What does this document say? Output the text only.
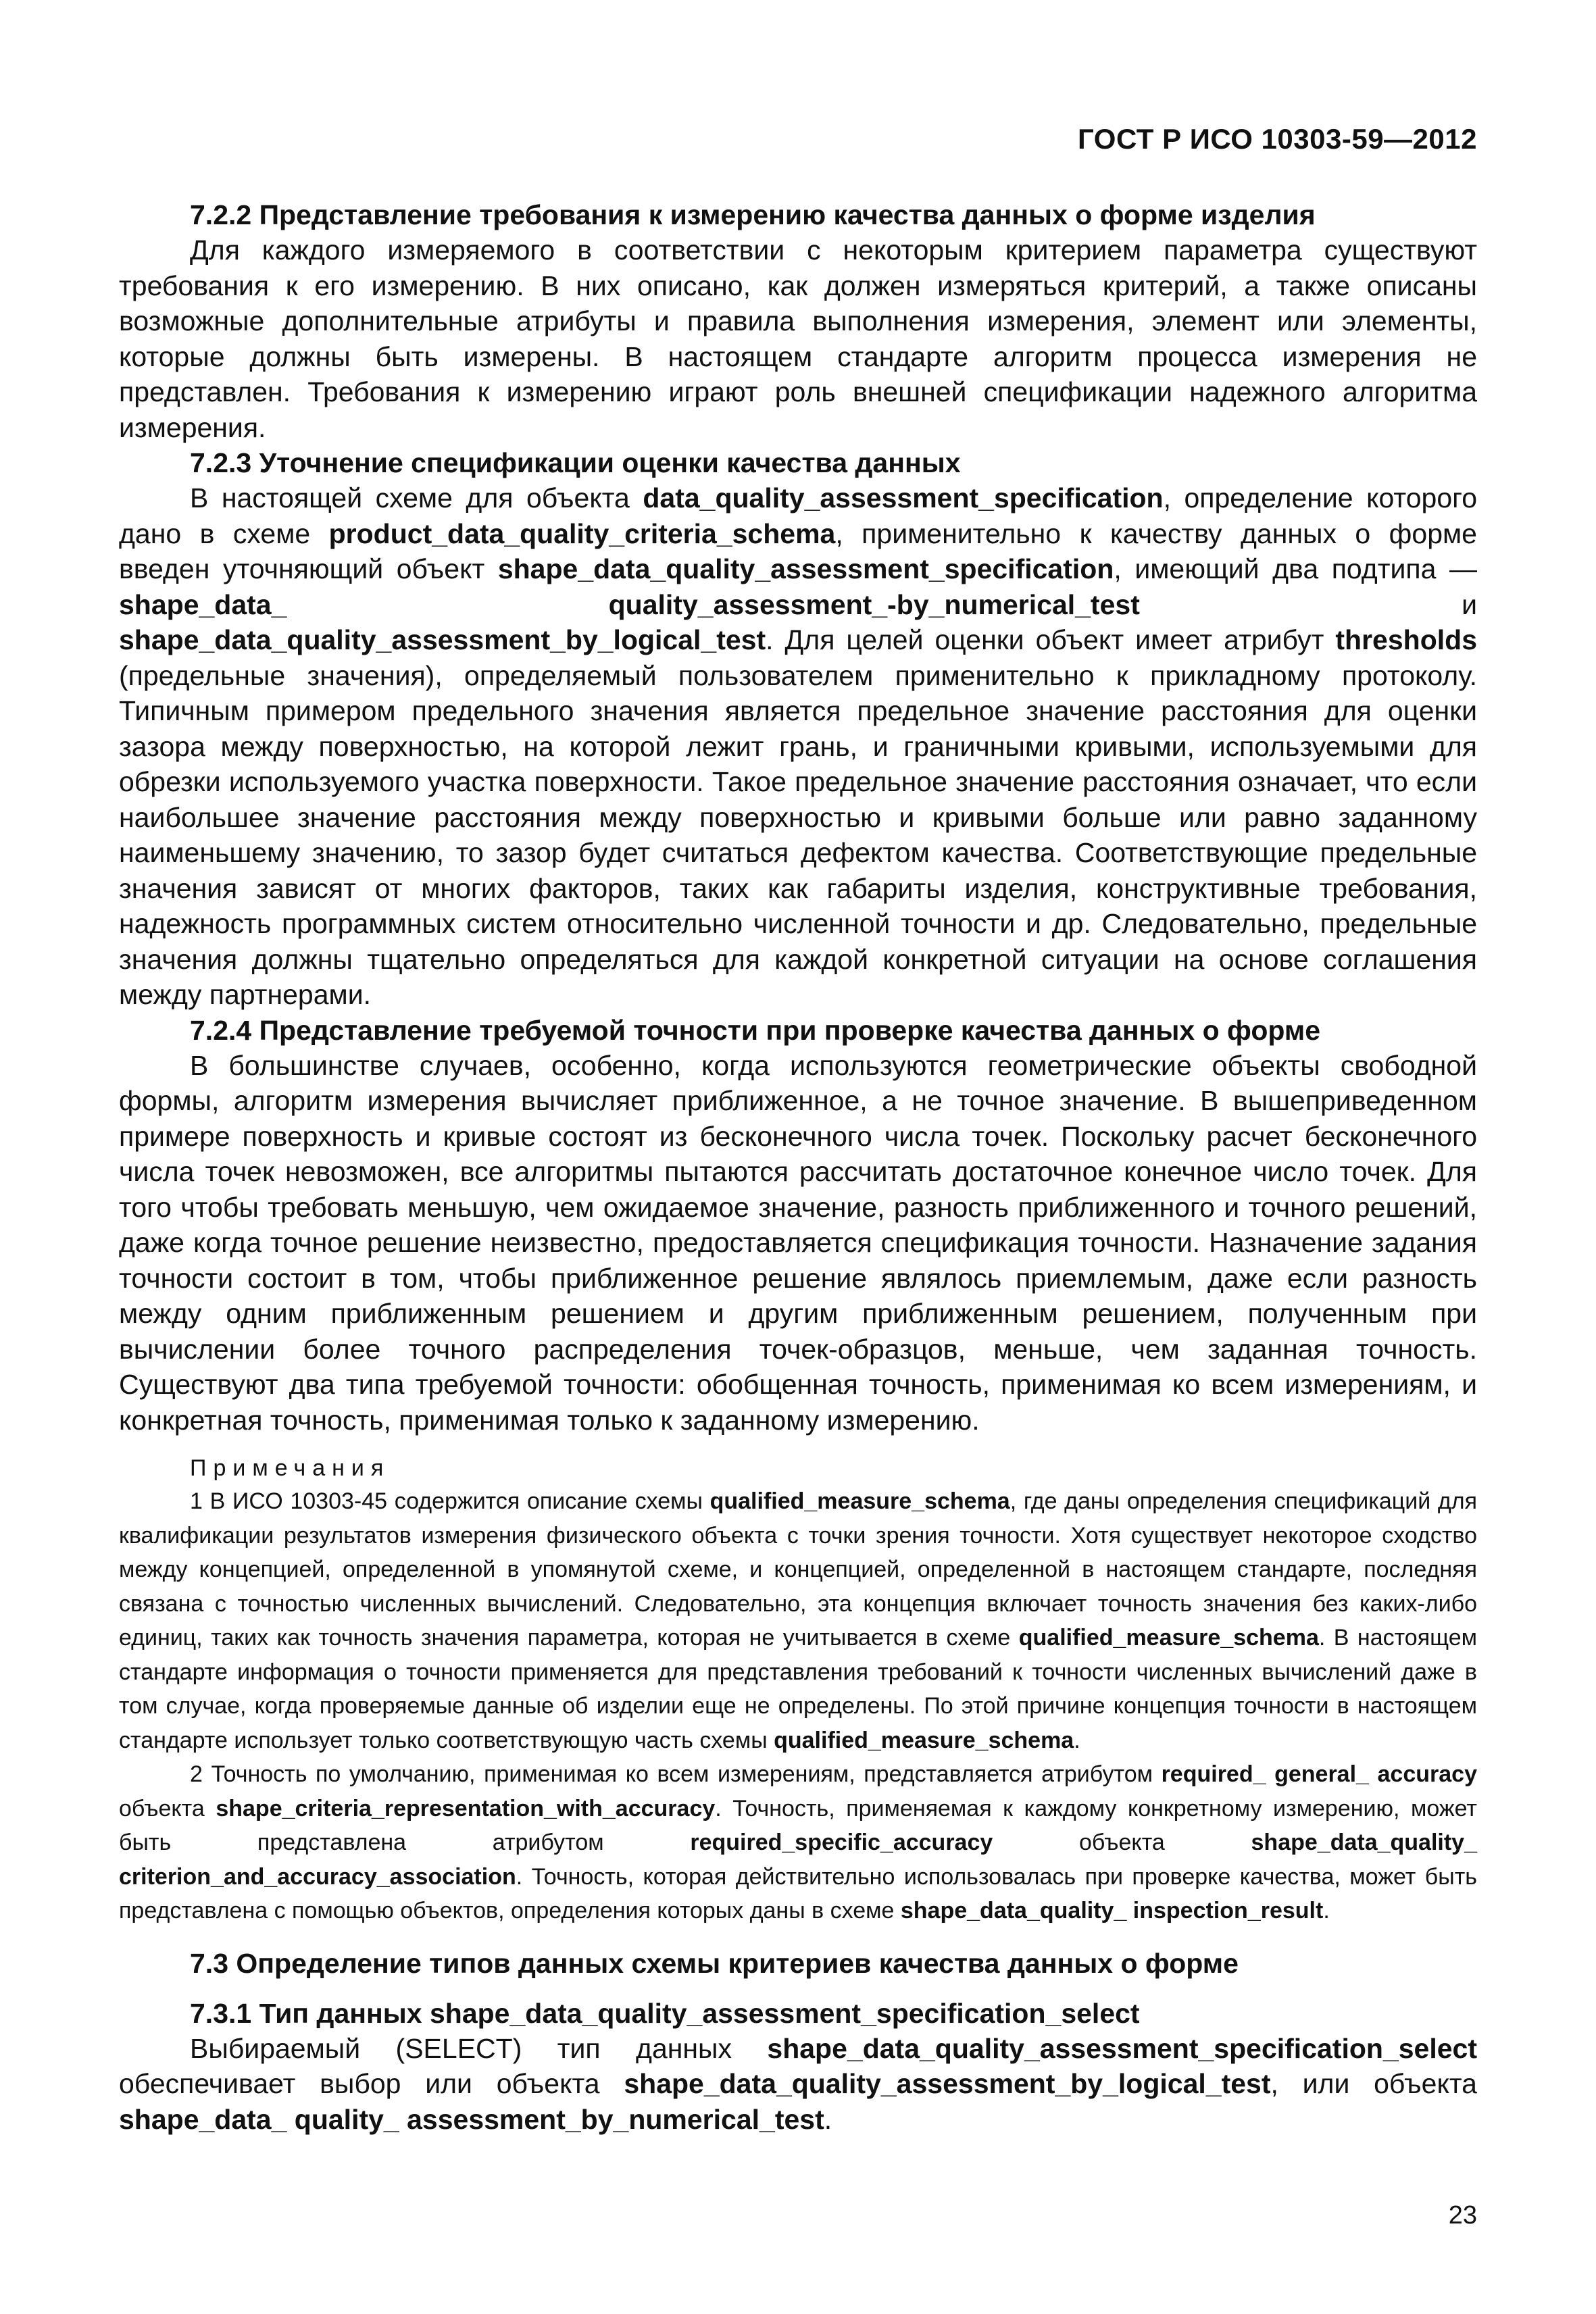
ГОСТ Р ИСО 10303-59—2012

7.2.2 Представление требования к измерению качества данных о форме изделия

Для каждого измеряемого в соответствии с некоторым критерием параметра существуют требования к его измерению. В них описано, как должен измеряться критерий, а также описаны возможные дополнительные атрибуты и правила выполнения измерения, элемент или элементы, которые должны быть измерены. В настоящем стандарте алгоритм процесса измерения не представлен. Требования к измерению играют роль внешней спецификации надежного алгоритма измерения.

7.2.3 Уточнение спецификации оценки качества данных

В настоящей схеме для объекта data_quality_assessment_specification, определение которого дано в схеме product_data_quality_criteria_schema, применительно к качеству данных о форме введен уточняющий объект shape_data_quality_assessment_specification, имеющий два подтипа — shape_data_ quality_assessment_-by_numerical_test и shape_data_quality_assessment_by_logical_test. Для целей оценки объект имеет атрибут thresholds (предельные значения), определяемый пользователем применительно к прикладному протоколу. Типичным примером предельного значения является предельное значение расстояния для оценки зазора между поверхностью, на которой лежит грань, и граничными кривыми, используемыми для обрезки используемого участка поверхности. Такое предельное значение расстояния означает, что если наибольшее значение расстояния между поверхностью и кривыми больше или равно заданному наименьшему значению, то зазор будет считаться дефектом качества. Соответствующие предельные значения зависят от многих факторов, таких как габариты изделия, конструктивные требования, надежность программных систем относительно численной точности и др. Следовательно, предельные значения должны тщательно определяться для каждой конкретной ситуации на основе соглашения между партнерами.

7.2.4 Представление требуемой точности при проверке качества данных о форме

В большинстве случаев, особенно, когда используются геометрические объекты свободной формы, алгоритм измерения вычисляет приближенное, а не точное значение. В вышеприведенном примере поверхность и кривые состоят из бесконечного числа точек. Поскольку расчет бесконечного числа точек невозможен, все алгоритмы пытаются рассчитать достаточное конечное число точек. Для того чтобы требовать меньшую, чем ожидаемое значение, разность приближенного и точного решений, даже когда точное решение неизвестно, предоставляется спецификация точности. Назначение задания точности состоит в том, чтобы приближенное решение являлось приемлемым, даже если разность между одним приближенным решением и другим приближенным решением, полученным при вычислении более точного распределения точек-образцов, меньше, чем заданная точность. Существуют два типа требуемой точности: обобщенная точность, применимая ко всем измерениям, и конкретная точность, применимая только к заданному измерению.

Примечания

1 В ИСО 10303-45 содержится описание схемы qualified_measure_schema, где даны определения спецификаций для квалификации результатов измерения физического объекта с точки зрения точности. Хотя существует некоторое сходство между концепцией, определенной в упомянутой схеме, и концепцией, определенной в настоящем стандарте, последняя связана с точностью численных вычислений. Следовательно, эта концепция включает точность значения без каких-либо единиц, таких как точность значения параметра, которая не учитывается в схеме qualified_measure_schema. В настоящем стандарте информация о точности применяется для представления требований к точности численных вычислений даже в том случае, когда проверяемые данные об изделии еще не определены. По этой причине концепция точности в настоящем стандарте использует только соответствующую часть схемы qualified_measure_schema.

2 Точность по умолчанию, применимая ко всем измерениям, представляется атрибутом required_ general_ accuracy объекта shape_criteria_representation_with_accuracy. Точность, применяемая к каждому конкретному измерению, может быть представлена атрибутом required_specific_accuracy объекта shape_data_quality_ criterion_and_accuracy_association. Точность, которая действительно использовалась при проверке качества, может быть представлена с помощью объектов, определения которых даны в схеме shape_data_quality_ inspection_result.

7.3 Определение типов данных схемы критериев качества данных о форме

7.3.1 Тип данных shape_data_quality_assessment_specification_select

Выбираемый (SELECT) тип данных shape_data_quality_assessment_specification_select обеспечивает выбор или объекта shape_data_quality_assessment_by_logical_test, или объекта shape_data_ quality_ assessment_by_numerical_test.

23
